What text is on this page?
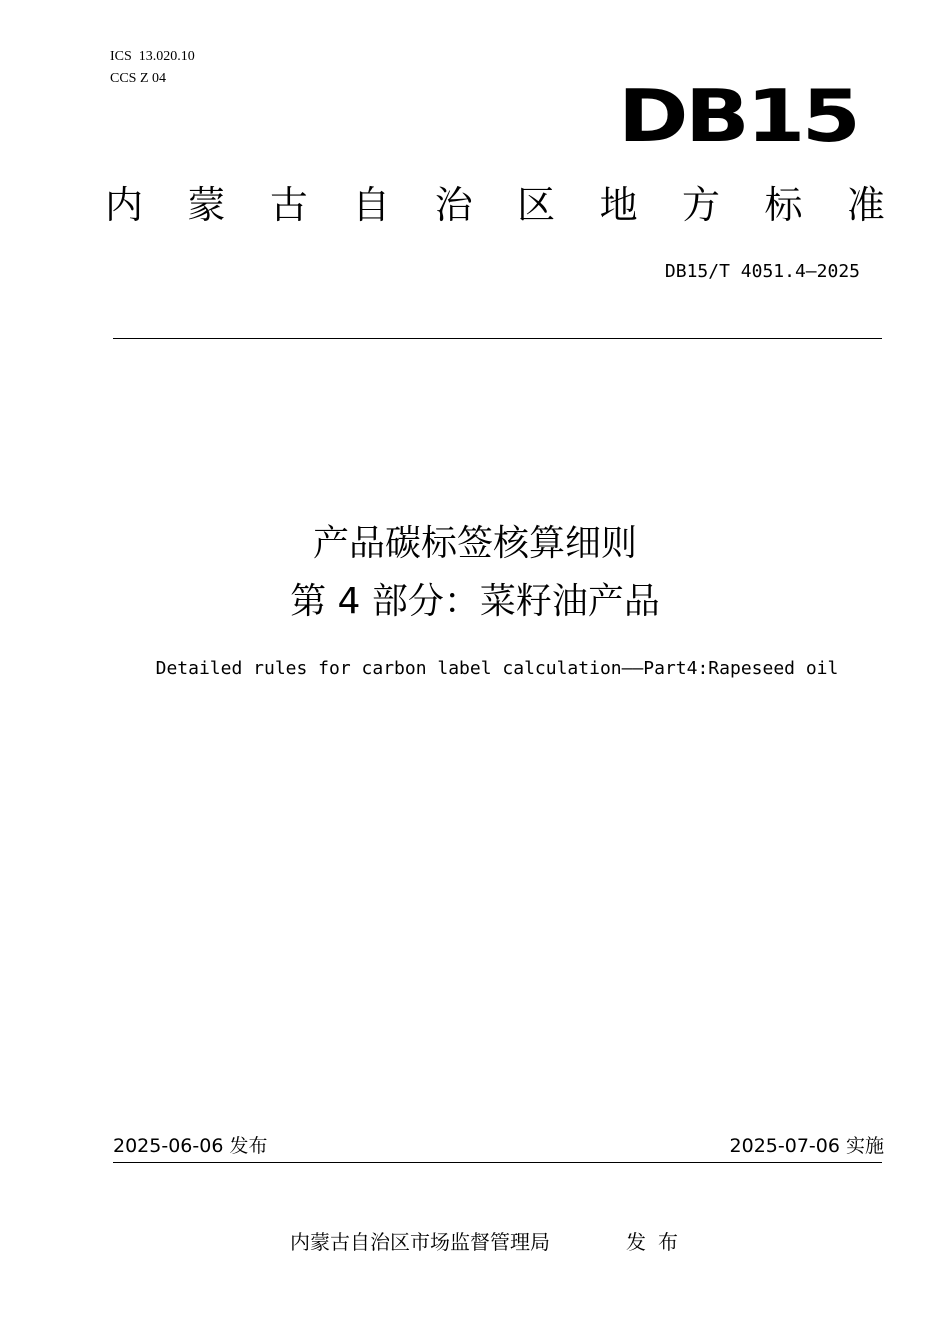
ICS  13.020.10
CCS Z 04	DB15
内 蒙 古 自 治 区 地 方 标 准
DB15/T 4051.4—2025
产品碳标签核算细则
第 4 部分：菜籽油产品
Detailed rules for carbon label calculation——Part4:Rapeseed oil
2025-06-06 发布	2025-07-06 实施
内蒙古自治区市场监督管理局	发布
